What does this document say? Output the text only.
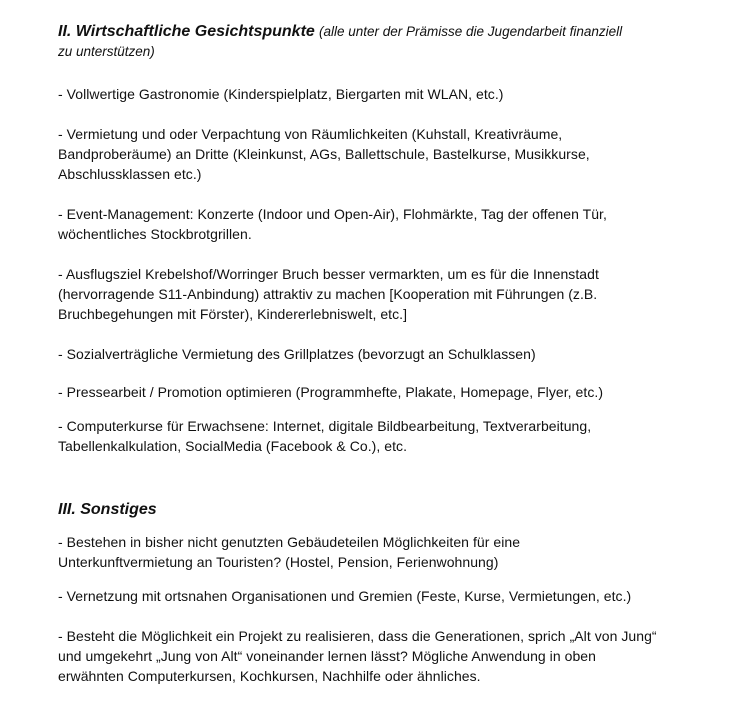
II. Wirtschaftliche Gesichtspunkte (alle unter der Prämisse die Jugendarbeit finanziell
zu unterstützen)
- Vollwertige Gastronomie (Kinderspielplatz, Biergarten mit WLAN, etc.)
- Vermietung und oder Verpachtung von Räumlichkeiten (Kuhstall, Kreativräume,
Bandproberäume) an Dritte (Kleinkunst, AGs, Ballettschule, Bastelkurse, Musikkurse,
Abschlussklassen etc.)
- Event-Management: Konzerte (Indoor und Open-Air), Flohmärkte, Tag der offenen Tür,
wöchentliches Stockbrotgrillen.
- Ausflugsziel Krebelshof/Worringer Bruch besser vermarkten, um es für die Innenstadt
(hervorragende S11-Anbindung) attraktiv zu machen [Kooperation mit Führungen (z.B.
Bruchbegehungen mit Förster), Kindererlebniswelt, etc.]
- Sozialverträgliche Vermietung des Grillplatzes (bevorzugt an Schulklassen)
- Pressearbeit / Promotion optimieren (Programmhefte, Plakate, Homepage, Flyer, etc.)
- Computerkurse für Erwachsene: Internet, digitale Bildbearbeitung, Textverarbeitung,
Tabellenkalkulation, SocialMedia (Facebook & Co.), etc.
III. Sonstiges
- Bestehen in bisher nicht genutzten Gebäudeteilen Möglichkeiten für eine
Unterkunftvermietung an Touristen? (Hostel, Pension, Ferienwohnung)
- Vernetzung mit ortsnahen Organisationen und Gremien (Feste, Kurse, Vermietungen, etc.)
- Besteht die Möglichkeit ein Projekt zu realisieren, dass die Generationen, sprich „Alt von Jung“
und umgekehrt „Jung von Alt“ voneinander lernen lässt? Mögliche Anwendung in oben
erwähnten Computerkursen, Kochkursen, Nachhilfe oder ähnliches.
